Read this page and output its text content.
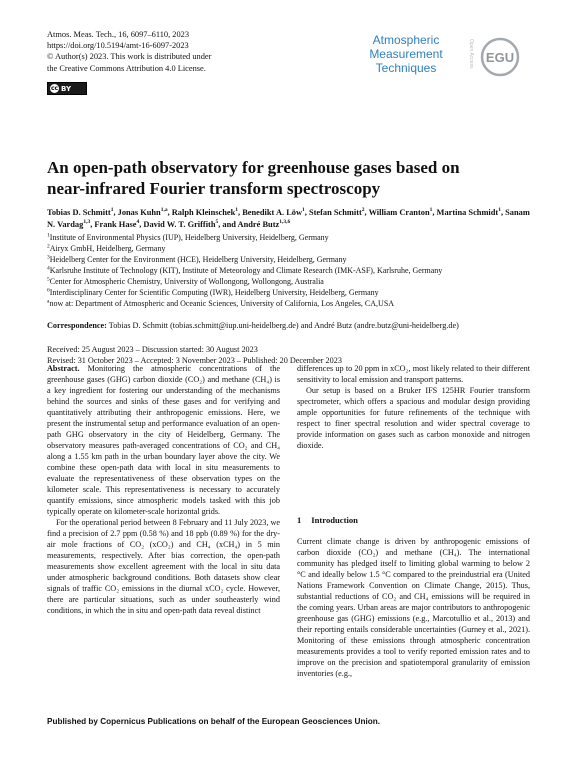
Atmos. Meas. Tech., 16, 6097–6110, 2023
https://doi.org/10.5194/amt-16-6097-2023
© Author(s) 2023. This work is distributed under
the Creative Commons Attribution 4.0 License.
cc BY
Atmospheric
Measurement
Techniques	Open Access EGU
An open-path observatory for greenhouse gases based on
near-infrared Fourier transform spectroscopy
Tobias D. Schmitt$^1$, Jonas Kuhn$^{1,a}$, Ralph Kleinschek$^1$, Benedikt A. Löw$^1$, Stefan Schmitt$^2$, William Cranton$^1$, Martina Schmidt$^1$, Sanam N. Vardag$^{1,3}$, Frank Hase$^4$, David W. T. Griffith$^5$, and André Butz$^{1,3,6}$
$^1$Institute of Environmental Physics (IUP), Heidelberg University, Heidelberg, Germany
$^2$Airyx GmbH, Heidelberg, Germany
$^3$Heidelberg Center for the Environment (HCE), Heidelberg University, Heidelberg, Germany
$^4$Karlsruhe Institute of Technology (KIT), Institute of Meteorology and Climate Research (IMK-ASF), Karlsruhe, Germany
$^5$Center for Atmospheric Chemistry, University of Wollongong, Wollongong, Australia
$^6$Interdisciplinary Center for Scientific Computing (IWR), Heidelberg University, Heidelberg, Germany
$^a$now at: Department of Atmospheric and Oceanic Sciences, University of California, Los Angeles, CA,USA
Correspondence: Tobias D. Schmitt (tobias.schmitt@iup.uni-heidelberg.de) and André Butz (andre.butz@uni-heidelberg.de)
Received: 25 August 2023 – Discussion started: 30 August 2023
Revised: 31 October 2023 – Accepted: 3 November 2023 – Published: 20 December 2023

Abstract. Monitoring the atmospheric concentrations of the greenhouse gases (GHG) carbon dioxide (CO₂) and methane (CH₄) is a key ingredient for fostering our understanding of the mechanisms behind the sources and sinks of these gases and for verifying and quantitatively attributing their anthropogenic emissions. Here, we present the instrumental setup and performance evaluation of an open-path GHG observatory in the city of Heidelberg, Germany. The observatory measures path-averaged concentrations of CO₂ and CH₄ along a 1.55 km path in the urban boundary layer above the city. We combine these open-path data with local in situ measurements to evaluate the representativeness of these observation types on the kilometer scale. This representativeness is necessary to accurately quantify emissions, since atmospheric models tasked with this job typically operate on kilometer-scale horizontal grids.

For the operational period between 8 February and 11 July 2023, we find a precision of 2.7 ppm (0.58 %) and 18 ppb (0.89 %) for the dry-air mole fractions of CO₂ (xCO₂) and CH₄ (xCH₄) in 5 min measurements, respectively. After bias correction, the open-path measurements show excellent agreement with the local in situ data under atmospheric background conditions. Both datasets show clear signals of traffic CO₂ emissions in the diurnal xCO₂ cycle. However, there are particular situations, such as under southeasterly wind conditions, in which the in situ and open-path data reveal distinct

differences up to 20 ppm in xCO₂, most likely related to their different sensitivity to local emission and transport patterns.

Our setup is based on a Bruker IFS 125HR Fourier transform spectrometer, which offers a spacious and modular design providing ample opportunities for future refinements of the technique with respect to finer spectral resolution and wider spectral coverage to provide information on gases such as carbon monoxide and nitrogen dioxide.

1 Introduction

Current climate change is driven by anthropogenic emissions of carbon dioxide (CO₂) and methane (CH₄). The international community has pledged itself to limiting global warming to below 2 °C and ideally below 1.5 °C compared to the preindustrial era (United Nations Framework Convention on Climate Change, 2015). Thus, substantial reductions of CO₂ and CH₄ emissions will be required in the coming years. Urban areas are major contributors to anthropogenic greenhouse gas (GHG) emissions (e.g., Marcotullio et al., 2013) and their reporting entails considerable uncertainties (Gurney et al., 2021). Monitoring of these emissions through atmospheric concentration measurements provides a tool to verify reported emission rates and to improve on the precision and spatiotemporal granularity of emission inventories (e.g.,

Published by Copernicus Publications on behalf of the European Geosciences Union.
